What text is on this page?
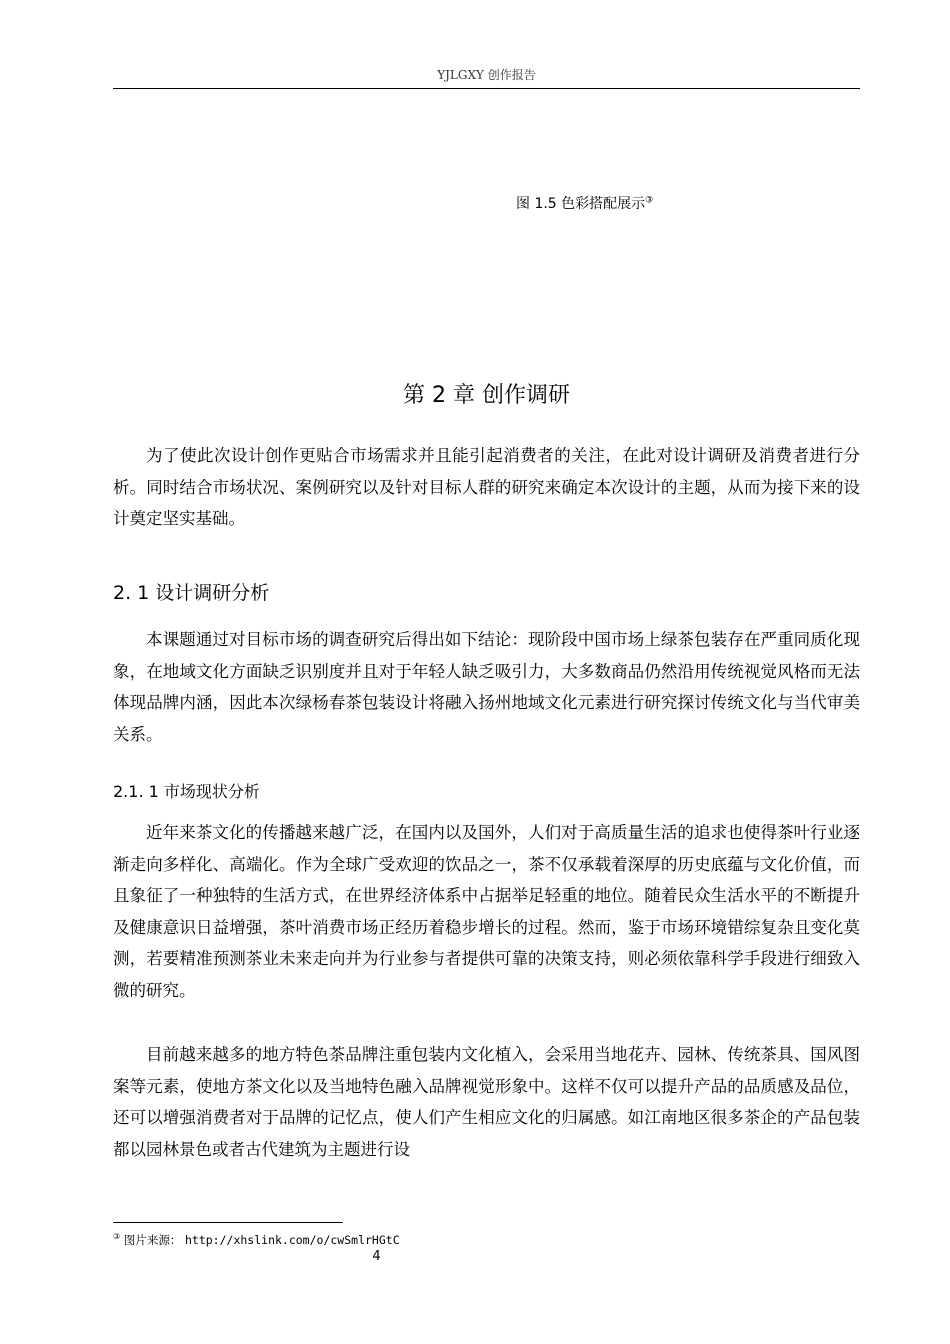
YJLGXY 创作报告
图 1.5 色彩搭配展示③
第 2 章 创作调研

为了使此次设计创作更贴合市场需求并且能引起消费者的关注，在此对设计调研及消费者进行分析。同时结合市场状况、案例研究以及针对目标人群的研究来确定本次设计的主题，从而为接下来的设计奠定坚实基础。

2. 1 设计调研分析

本课题通过对目标市场的调查研究后得出如下结论：现阶段中国市场上绿茶包装存在严重同质化现象，在地域文化方面缺乏识别度并且对于年轻人缺乏吸引力，大多数商品仍然沿用传统视觉风格而无法体现品牌内涵，因此本次绿杨春茶包装设计将融入扬州地域文化元素进行研究探讨传统文化与当代审美关系。

2.1. 1 市场现状分析

近年来茶文化的传播越来越广泛，在国内以及国外，人们对于高质量生活的追求也使得茶叶行业逐渐走向多样化、高端化。作为全球广受欢迎的饮品之一，茶不仅承载着深厚的历史底蕴与文化价值，而且象征了一种独特的生活方式，在世界经济体系中占据举足轻重的地位。随着民众生活水平的不断提升及健康意识日益增强，茶叶消费市场正经历着稳步增长的过程。然而，鉴于市场环境错综复杂且变化莫测，若要精准预测茶业未来走向并为行业参与者提供可靠的决策支持，则必须依靠科学手段进行细致入微的研究。

目前越来越多的地方特色茶品牌注重包装内文化植入，会采用当地花卉、园林、传统茶具、国风图案等元素，使地方茶文化以及当地特色融入品牌视觉形象中。这样不仅可以提升产品的品质感及品位，还可以增强消费者对于品牌的记忆点，使人们产生相应文化的归属感。如江南地区很多茶企的产品包装都以园林景色或者古代建筑为主题进行设

③ 图片来源： http://xhslink.com/o/cwSmlrHGtC
4
